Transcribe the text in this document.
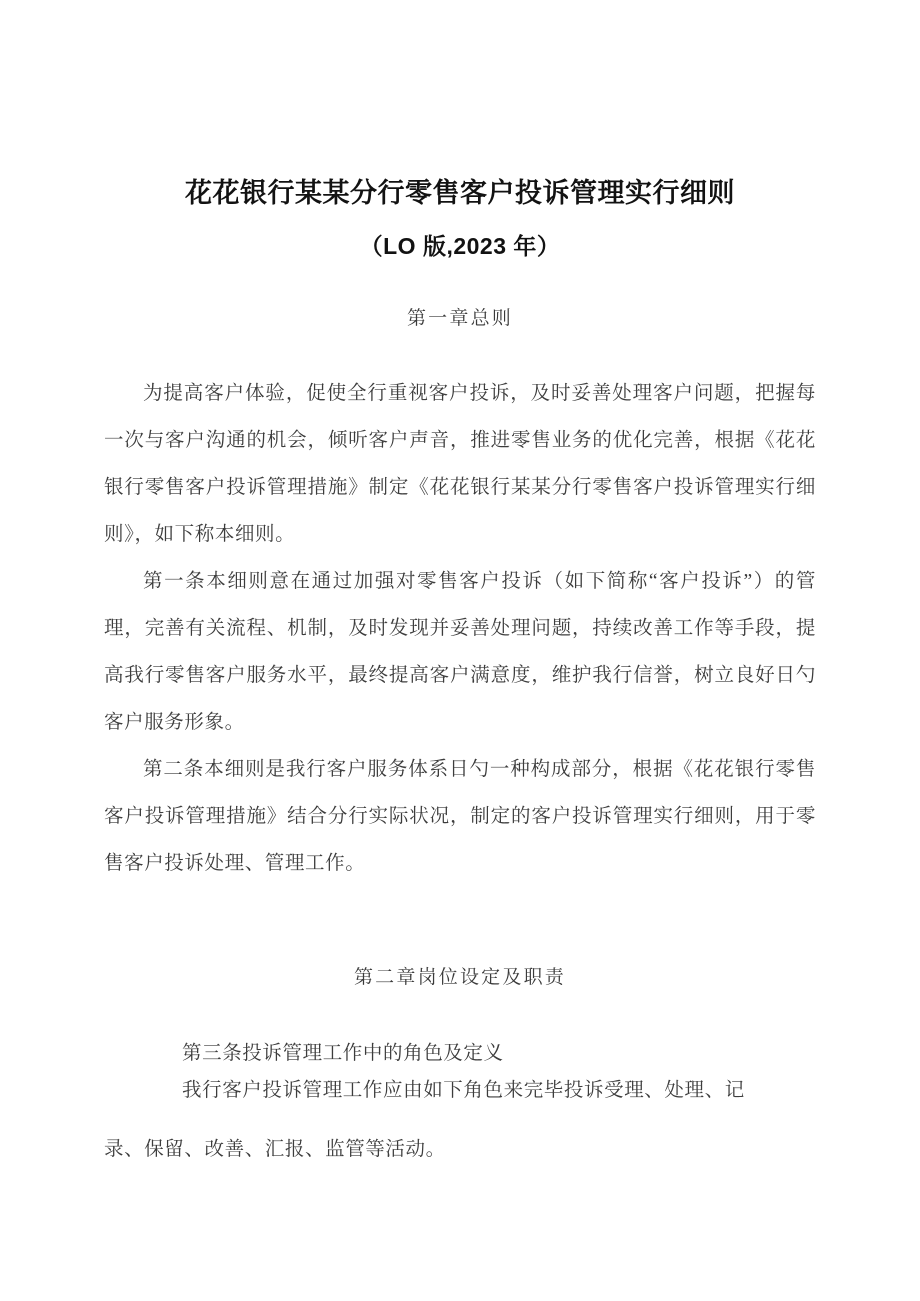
花花银行某某分行零售客户投诉管理实行细则
（LO 版,2023 年）
第一章总则

为提高客户体验，促使全行重视客户投诉，及时妥善处理客户问题，把握每一次与客户沟通的机会，倾听客户声音，推进零售业务的优化完善，根据《花花银行零售客户投诉管理措施》制定《花花银行某某分行零售客户投诉管理实行细则》，如下称本细则。

第一条本细则意在通过加强对零售客户投诉（如下简称“客户投诉”）的管理，完善有关流程、机制，及时发现并妥善处理问题，持续改善工作等手段，提高我行零售客户服务水平，最终提高客户满意度，维护我行信誉，树立良好日勺客户服务形象。

第二条本细则是我行客户服务体系日勺一种构成部分，根据《花花银行零售客户投诉管理措施》结合分行实际状况，制定的客户投诉管理实行细则，用于零售客户投诉处理、管理工作。

第二章岗位设定及职责
第三条投诉管理工作中的角色及定义
我行客户投诉管理工作应由如下角色来完毕投诉受理、处理、记
录、保留、改善、汇报、监管等活动。
